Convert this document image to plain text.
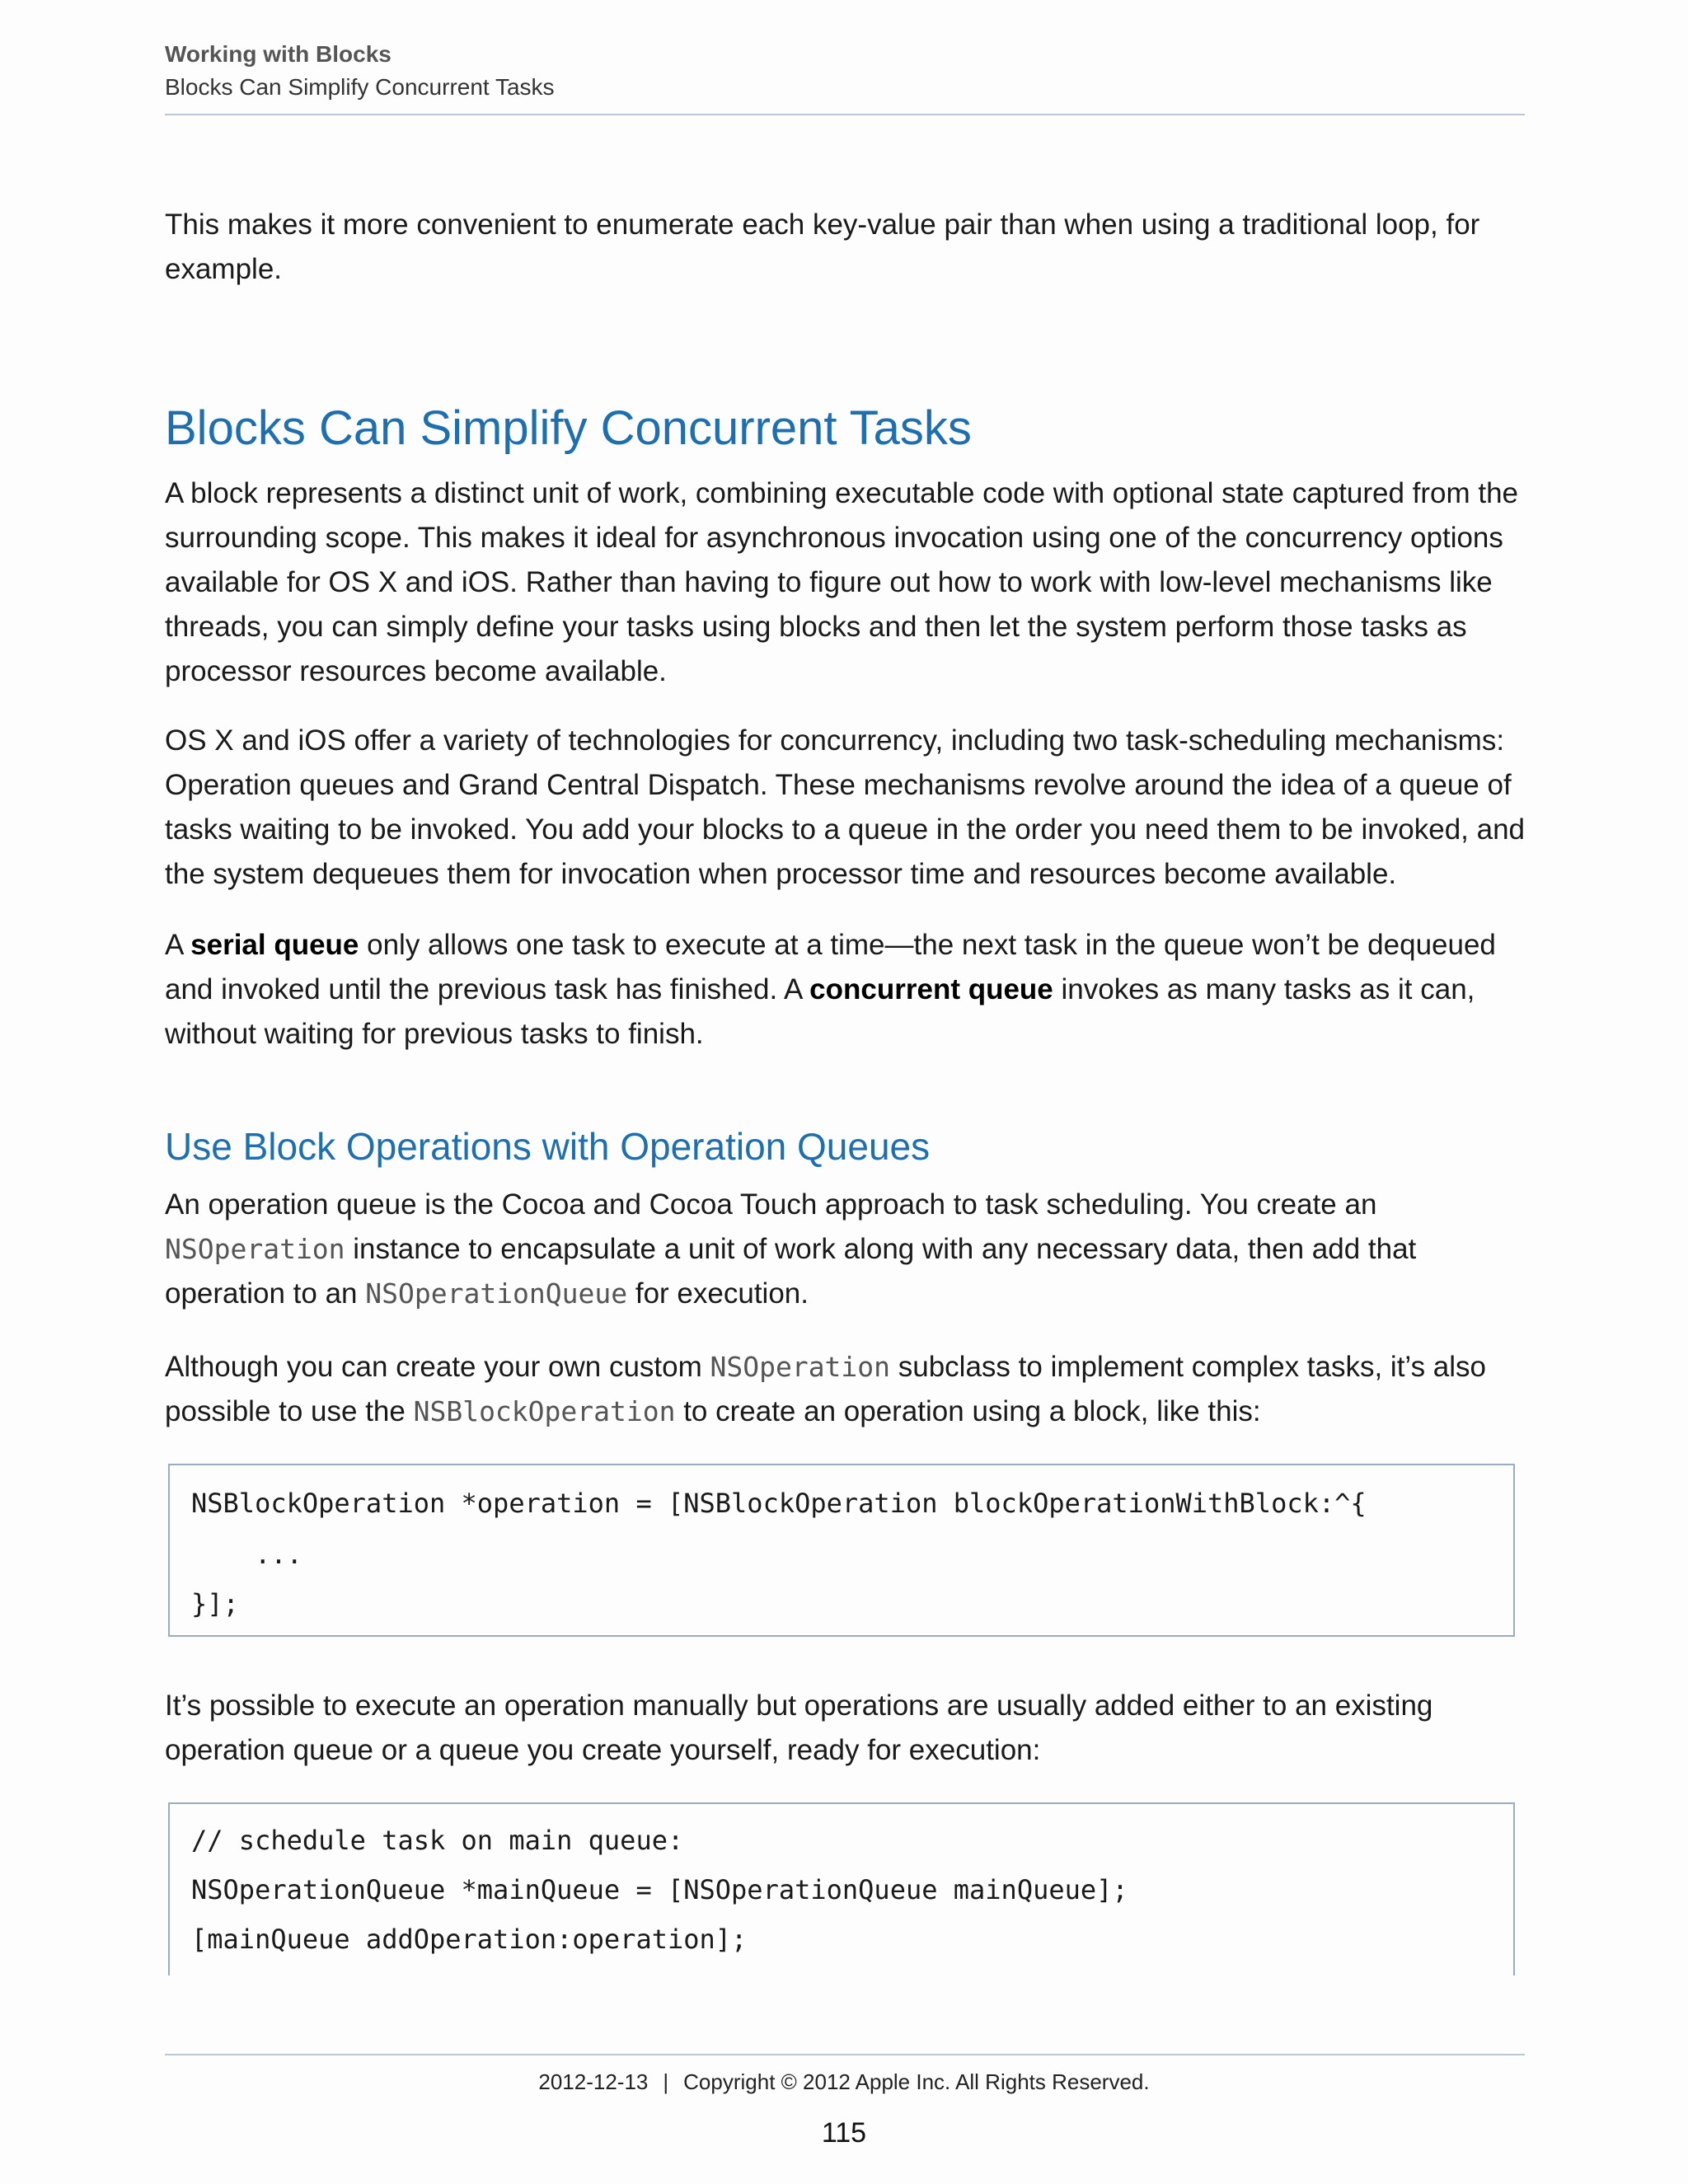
Working with Blocks
Blocks Can Simplify Concurrent Tasks

This makes it more convenient to enumerate each key-value pair than when using a traditional loop, for example.

Blocks Can Simplify Concurrent Tasks

A block represents a distinct unit of work, combining executable code with optional state captured from the surrounding scope. This makes it ideal for asynchronous invocation using one of the concurrency options available for OS X and iOS. Rather than having to figure out how to work with low-level mechanisms like threads, you can simply define your tasks using blocks and then let the system perform those tasks as processor resources become available.

OS X and iOS offer a variety of technologies for concurrency, including two task-scheduling mechanisms: Operation queues and Grand Central Dispatch. These mechanisms revolve around the idea of a queue of tasks waiting to be invoked. You add your blocks to a queue in the order you need them to be invoked, and the system dequeues them for invocation when processor time and resources become available.

A serial queue only allows one task to execute at a time—the next task in the queue won’t be dequeued and invoked until the previous task has finished. A concurrent queue invokes as many tasks as it can, without waiting for previous tasks to finish.

Use Block Operations with Operation Queues

An operation queue is the Cocoa and Cocoa Touch approach to task scheduling. You create an NSOperation instance to encapsulate a unit of work along with any necessary data, then add that operation to an NSOperationQueue for execution.

Although you can create your own custom NSOperation subclass to implement complex tasks, it’s also possible to use the NSBlockOperation to create an operation using a block, like this:

NSBlockOperation *operation = [NSBlockOperation blockOperationWithBlock:^{
...
}];

It’s possible to execute an operation manually but operations are usually added either to an existing operation queue or a queue you create yourself, ready for execution:

// schedule task on main queue:
NSOperationQueue *mainQueue = [NSOperationQueue mainQueue];
[mainQueue addOperation:operation];
2012-12-13 | Copyright © 2012 Apple Inc. All Rights Reserved.
115
